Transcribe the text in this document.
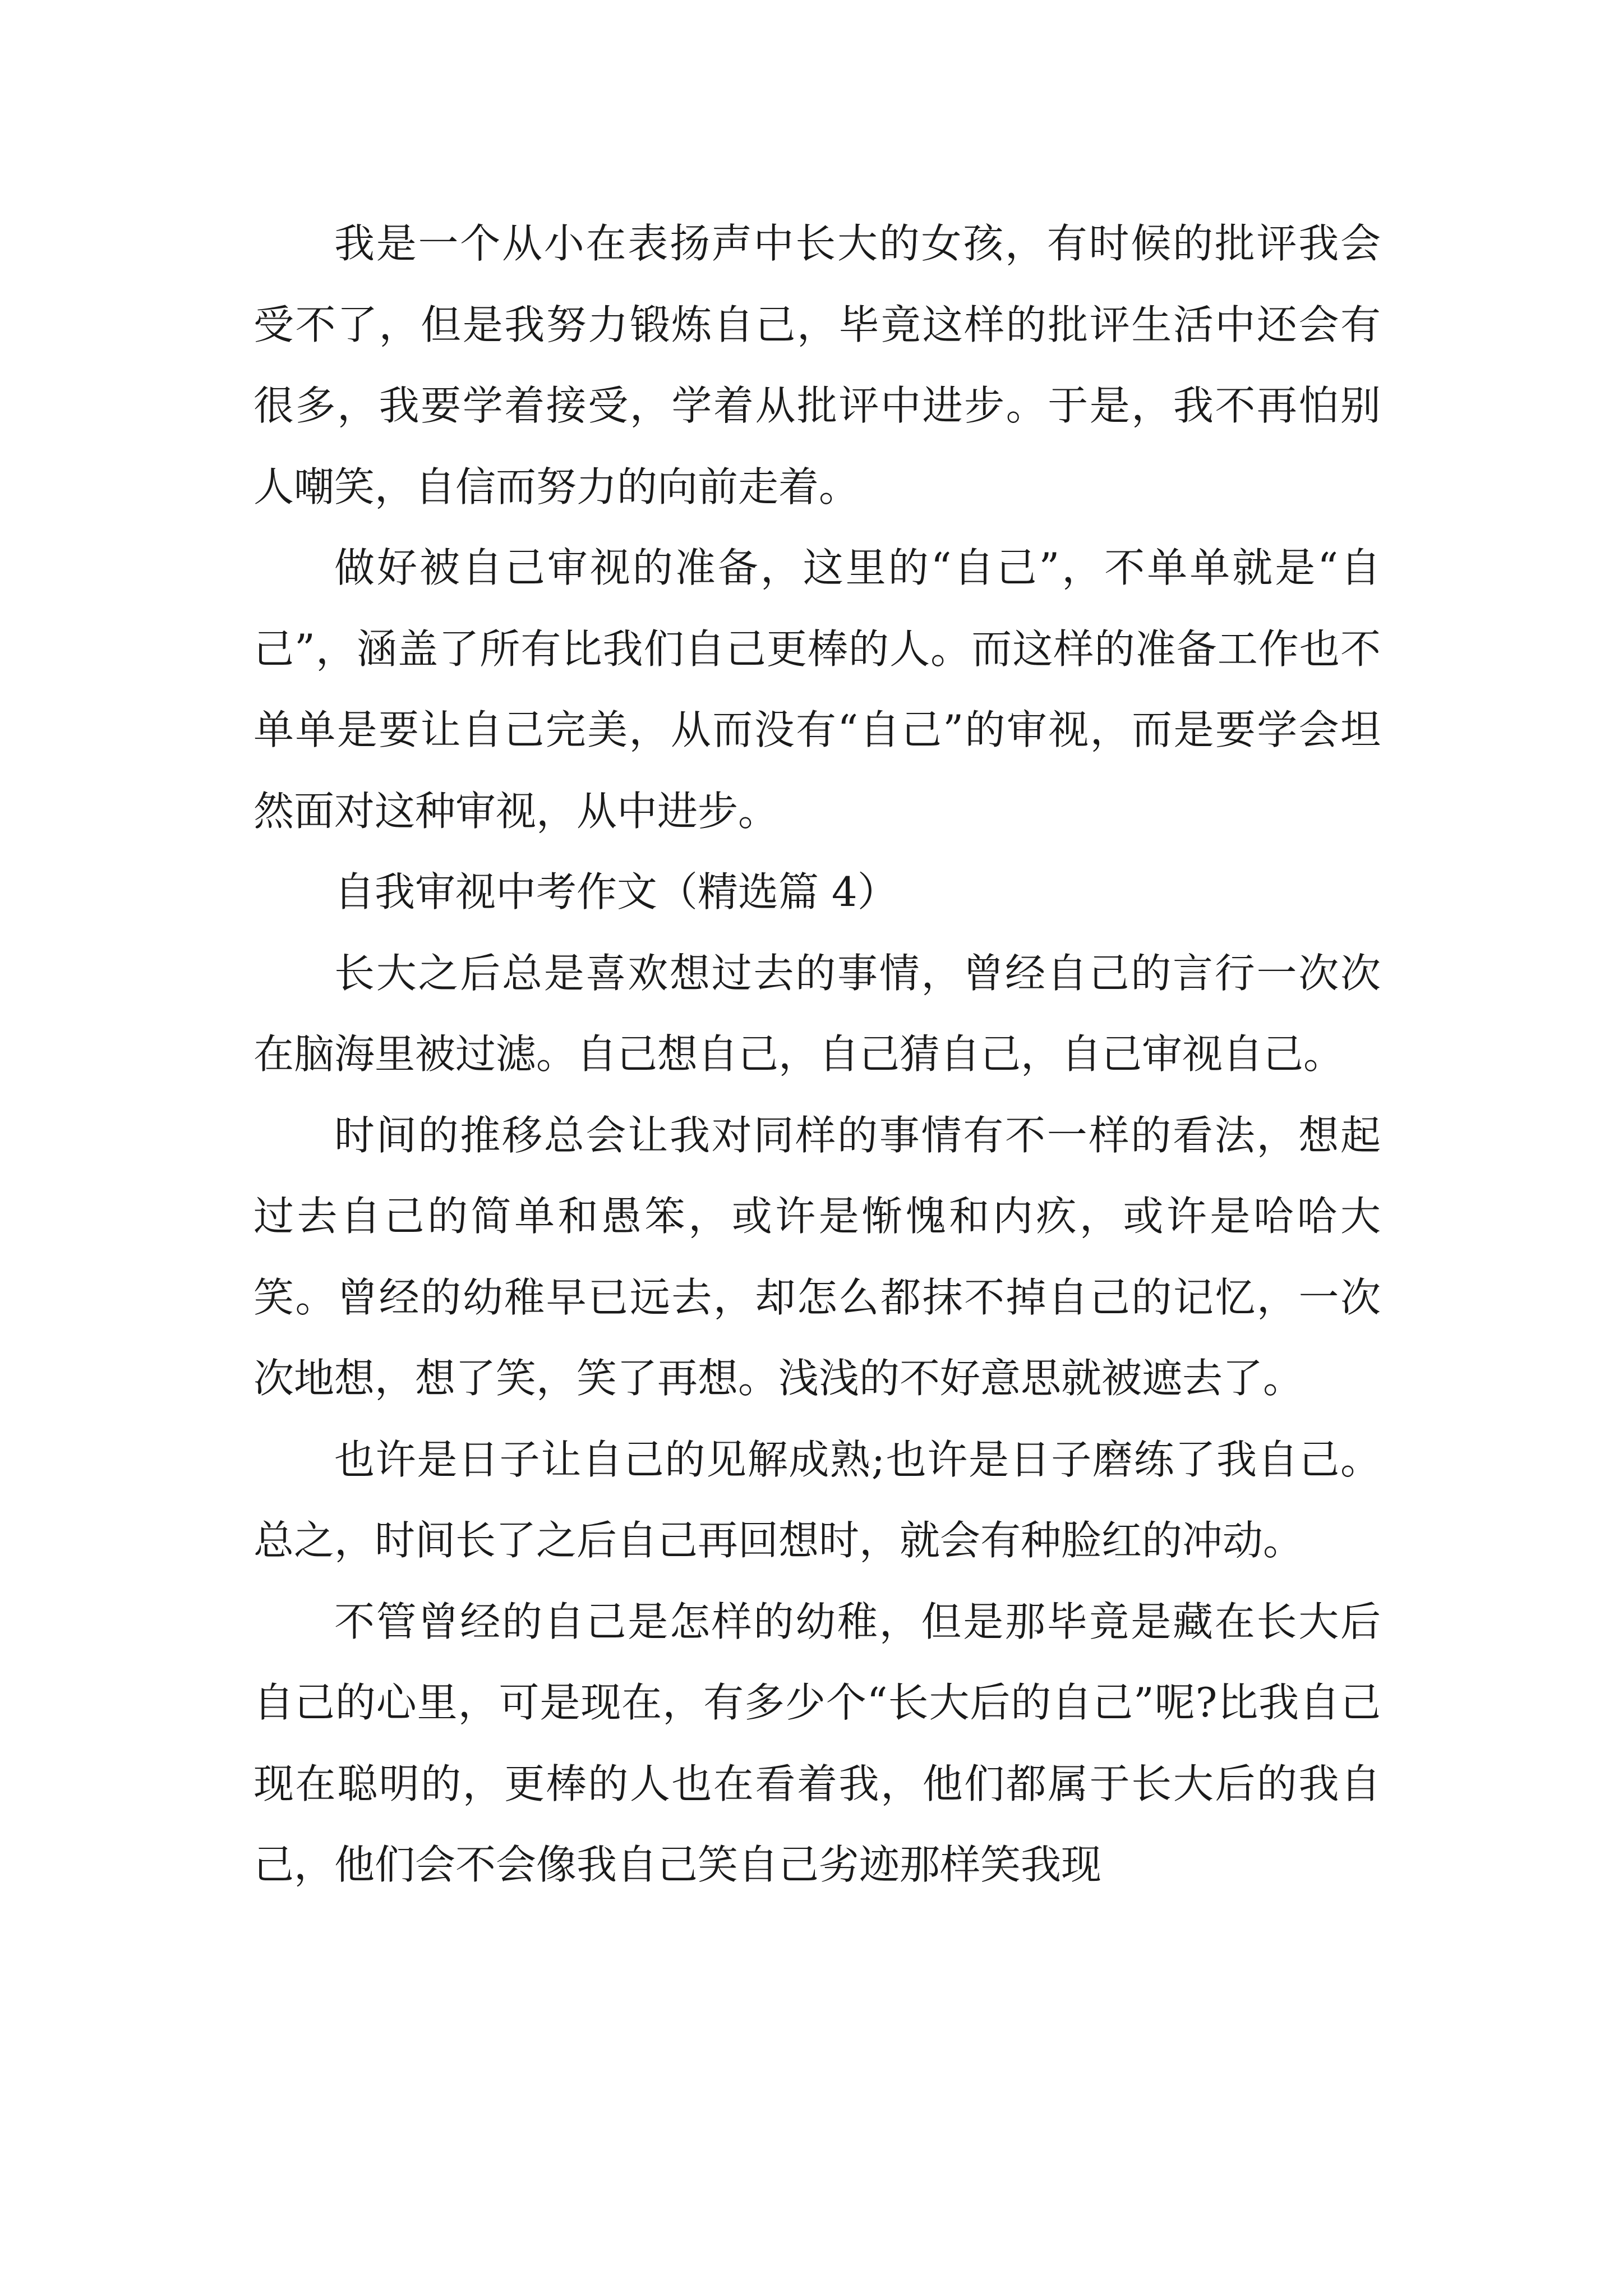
我是一个从小在表扬声中长大的女孩，有时候的批评我会受不了，但是我努力锻炼自己，毕竟这样的批评生活中还会有很多，我要学着接受，学着从批评中进步。于是，我不再怕别人嘲笑，自信而努力的向前走着。

做好被自己审视的准备，这里的“自己”，不单单就是“自己”，涵盖了所有比我们自己更棒的人。而这样的准备工作也不单单是要让自己完美，从而没有“自己”的审视，而是要学会坦然面对这种审视，从中进步。

自我审视中考作文（精选篇 4）

长大之后总是喜欢想过去的事情，曾经自己的言行一次次在脑海里被过滤。自己想自己，自己猜自己，自己审视自己。

时间的推移总会让我对同样的事情有不一样的看法，想起过去自己的简单和愚笨，或许是惭愧和内疚，或许是哈哈大笑。曾经的幼稚早已远去，却怎么都抹不掉自己的记忆，一次次地想，想了笑，笑了再想。浅浅的不好意思就被遮去了。

也许是日子让自己的见解成熟;也许是日子磨练了我自己。总之，时间长了之后自己再回想时，就会有种脸红的冲动。

不管曾经的自己是怎样的幼稚，但是那毕竟是藏在长大后自己的心里，可是现在，有多少个“长大后的自己”呢?比我自己现在聪明的，更棒的人也在看着我，他们都属于长大后的我自己，他们会不会像我自己笑自己劣迹那样笑我现
